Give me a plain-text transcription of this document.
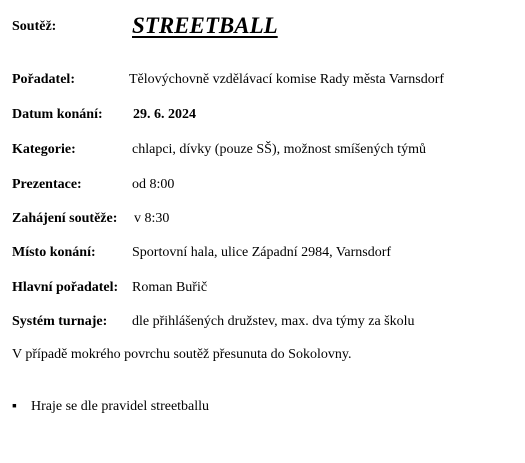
Soutěž:	STREETBALL
Pořadatel:	Tělovýchovně vzdělávací komise Rady města Varnsdorf
Datum konání: 29. 6. 2024
Kategorie:	chlapci, dívky (pouze SŠ), možnost smíšených týmů
Prezentace:	od 8:00
Zahájení soutěže: v 8:30
Místo konání:	Sportovní hala, ulice Západní 2984, Varnsdorf
Hlavní pořadatel: Roman Buřič
Systém turnaje: dle přihlášených družstev, max. dva týmy za školu
V případě mokrého povrchu soutěž přesunuta do Sokolovny.
▪	Hraje se dle pravidel streetballu
